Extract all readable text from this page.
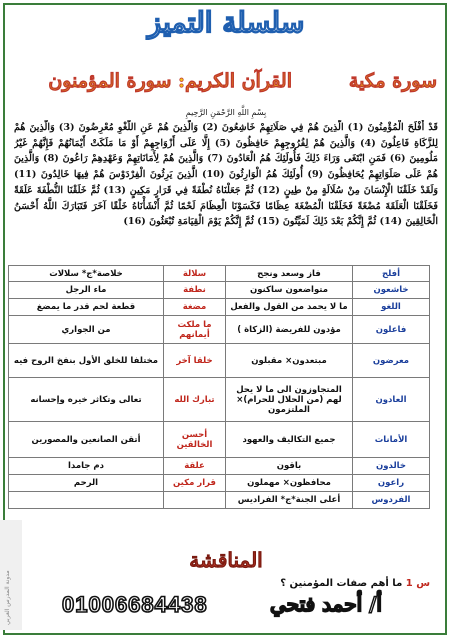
سلسلة التميز
القرآن الكريم: سورة المؤمنون	سورة مكية
بِسْمِ اللَّهِ الرَّحْمَنِ الرَّحِيمِ
قَدْ أَفْلَحَ الْمُؤْمِنُونَ (1) الَّذِينَ هُمْ فِي صَلَاتِهِمْ خَاشِعُونَ (2) وَالَّذِينَ هُمْ عَنِ اللَّغْوِ مُعْرِضُونَ (3) وَالَّذِينَ هُمْ لِلزَّكَاةِ فَاعِلُونَ (4) وَالَّذِينَ هُمْ لِفُرُوجِهِمْ حَافِظُونَ (5) إِلَّا عَلَى أَزْوَاجِهِمْ أَوْ مَا مَلَكَتْ أَيْمَانُهُمْ فَإِنَّهُمْ غَيْرُ مَلُومِينَ (6) فَمَنِ ابْتَغَى وَرَاءَ ذَلِكَ فَأُولَئِكَ هُمُ الْعَادُونَ (7) وَالَّذِينَ هُمْ لِأَمَانَاتِهِمْ وَعَهْدِهِمْ رَاعُونَ (8) وَالَّذِينَ هُمْ عَلَى صَلَوَاتِهِمْ يُحَافِظُونَ (9) أُولَئِكَ هُمُ الْوَارِثُونَ (10) الَّذِينَ يَرِثُونَ الْفِرْدَوْسَ هُمْ فِيهَا خَالِدُونَ (11) وَلَقَدْ خَلَقْنَا الْإِنْسَانَ مِنْ سُلَالَةٍ مِنْ طِينٍ (12) ثُمَّ جَعَلْنَاهُ نُطْفَةً فِي قَرَارٍ مَكِينٍ (13) ثُمَّ خَلَقْنَا النُّطْفَةَ عَلَقَةً فَخَلَقْنَا الْعَلَقَةَ مُضْغَةً فَخَلَقْنَا الْمُضْغَةَ عِظَامًا فَكَسَوْنَا الْعِظَامَ لَحْمًا ثُمَّ أَنْشَأْنَاهُ خَلْقًا آخَرَ فَتَبَارَكَ اللَّهُ أَحْسَنُ الْخَالِقِينَ (14) ثُمَّ إِنَّكُمْ بَعْدَ ذَلِكَ لَمَيِّتُونَ (15) ثُمَّ إِنَّكُمْ يَوْمَ الْقِيَامَةِ تُبْعَثُونَ (16)
أفلح	فاز وسعد ونجح	سلالة	خلاصة*ج* سلالات
خاشعون	متواضعون ساكنون	نطفة	ماء الرجل
اللغو	ما لا يحمد من القول والفعل	مضغة	قطعة لحم قدر ما يمضغ
فاعلون	مؤدون للفريضة (الزكاة )	ما ملكت أيمانهم	من الجواري
معرضون	مبتعدون× مقبلون	خلقا آخر	مختلفا للخلق الأول بنفخ الروح فيه
العادون	المتجاوزون الى ما لا يحل لهم (من الحلال للحرام)× الملتزمون	تبارك الله	تعالى وتكاثر خيره وإحسانه
الأمانات	جميع التكاليف والعهود	أحسن الخالقين	أتقن الصانعين والمصورين
خالدون	باقون	علقة	دم جامدا
راعون	محافظون× مهملون	قرار مكين	الرحم
الفردوس	أعلى الجنة*ج* الفراديس		
مدونة المدرس العربي
المناقشة
س 1 ما أهم صفات المؤمنين ؟
01006684438	أ/ أحمد فتحي
